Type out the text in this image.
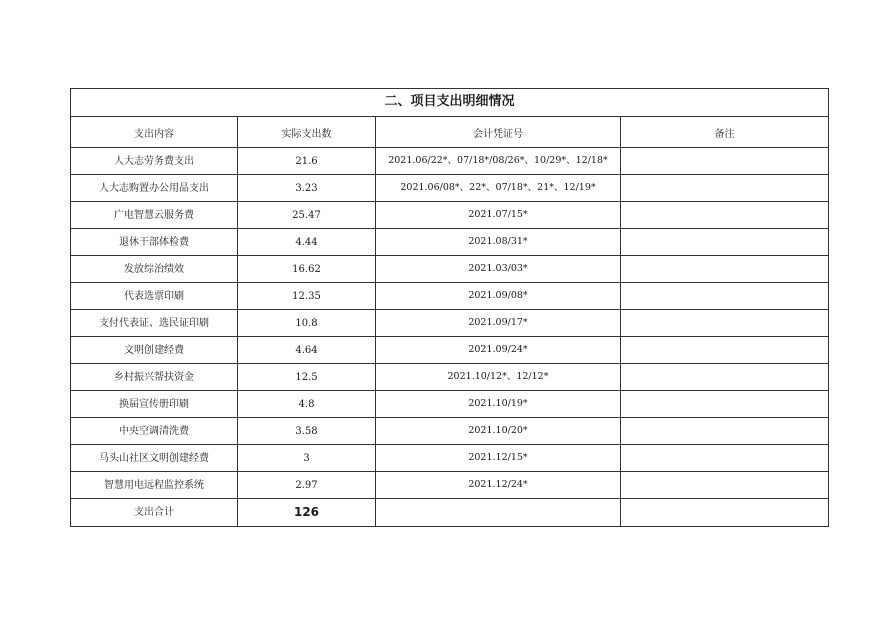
二、项目支出明细情况			
支出内容	实际支出数	会计凭证号	备注
人大志劳务费支出	21.6	2021.06/22*、07/18*/08/26*、10/29*、12/18*	
人大志购置办公用品支出	3.23	2021.06/08*、22*、07/18*、21*、12/19*	
广电智慧云服务费	25.47	2021.07/15*	
退休干部体检费	4.44	2021.08/31*	
发放综治绩效	16.62	2021.03/03*	
代表选票印刷	12.35	2021.09/08*	
支付代表证、选民证印刷	10.8	2021.09/17*	
文明创建经费	4.64	2021.09/24*	
乡村振兴帮扶资金	12.5	2021.10/12*、12/12*	
换届宣传册印刷	4.8	2021.10/19*	
中央空调清洗费	3.58	2021.10/20*	
马头山社区文明创建经费	3	2021.12/15*	
智慧用电远程监控系统	2.97	2021.12/24*	
支出合计	126		
